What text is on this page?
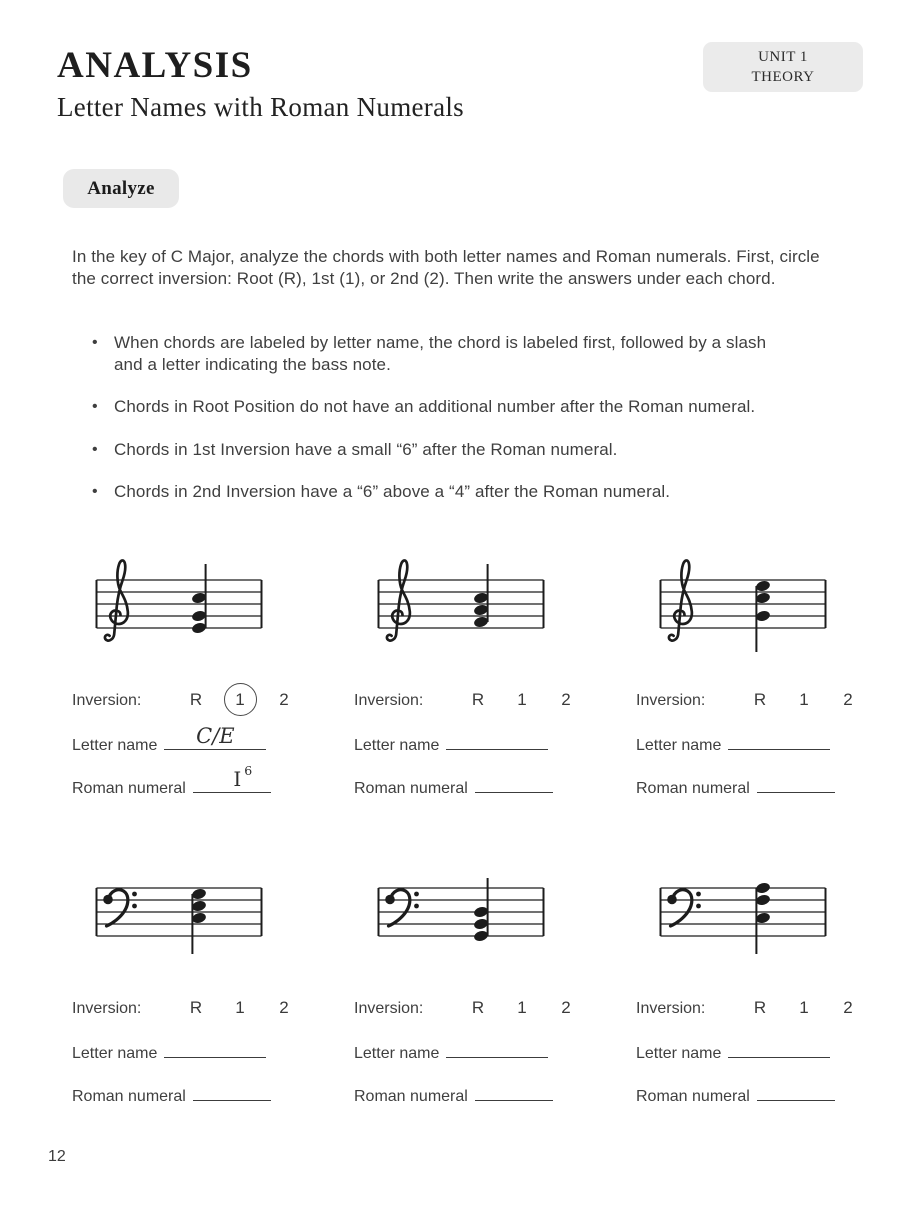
ANALYSIS
Letter Names with Roman Numerals
UNIT 1
THEORY
Analyze

In the key of C Major, analyze the chords with both letter names and Roman numerals. First, circle the correct inversion: Root (R), 1st (1), or 2nd (2). Then write the answers under each chord.

• When chords are labeled by letter name, the chord is labeled first, followed by a slash and a letter indicating the bass note.
• Chords in Root Position do not have an additional number after the Roman numeral.
• Chords in 1st Inversion have a small “6” after the Roman numeral.
• Chords in 2nd Inversion have a “6” above a “4” after the Roman numeral.
Inversion:	R 1 2
Letter name	C/E
Roman numeral I $^6$
Inversion:	R 1 2
Letter name
Roman numeral
Inversion:	R 1 2
Letter name
Roman numeral
Inversion:	R 1 2
Letter name
Roman numeral
Inversion:	R 1 2
Letter name
Roman numeral
Inversion:	R 1 2
Letter name
Roman numeral
12
